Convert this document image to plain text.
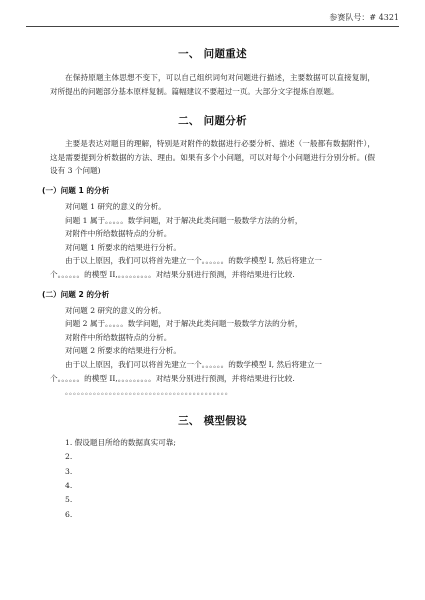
参赛队号：# 4321
一、 问题重述

在保持原题主体思想不变下，可以自己组织词句对问题进行描述，主要数据可以直接复制，对所提出的问题部分基本原样复制。篇幅建议不要超过一页。大部分文字提炼自原题。

二、 问题分析

主要是表达对题目的理解，特别是对附件的数据进行必要分析、描述（一般都有数据附件），这是需要提到分析数据的方法、理由。如果有多个小问题，可以对每个小问题进行分别分析。(假设有 3 个问题)

(一）问题 1 的分析
对问题 1 研究的意义的分析。
问题 1 属于。。。。。数学问题，对于解决此类问题一般数学方法的分析，
对附件中所给数据特点的分析。
对问题 1 所要求的结果进行分析。
由于以上原因，我们可以将首先建立一个。。。。。。的数学模型 I, 然后将建立一
个。。。。。。的模型 II,。。。。。。。。。对结果分别进行预测，并将结果进行比较.
(二）问题 2 的分析
对问题 2 研究的意义的分析。
问题 2 属于。。。。。数学问题，对于解决此类问题一般数学方法的分析，
对附件中所给数据特点的分析。
对问题 2 所要求的结果进行分析。
由于以上原因，我们可以将首先建立一个。。。。。。的数学模型 I, 然后将建立一
个。。。。。。的模型 II,。。。。。。。。。对结果分别进行预测，并将结果进行比较.
。。。。。。。。。。。。。。。。。。。。。。。。。。。。。。。。。。。。。。。。。
三、 模型假设
1. 假设题目所给的数据真实可靠;
2.
3.
4.
5.
6.
